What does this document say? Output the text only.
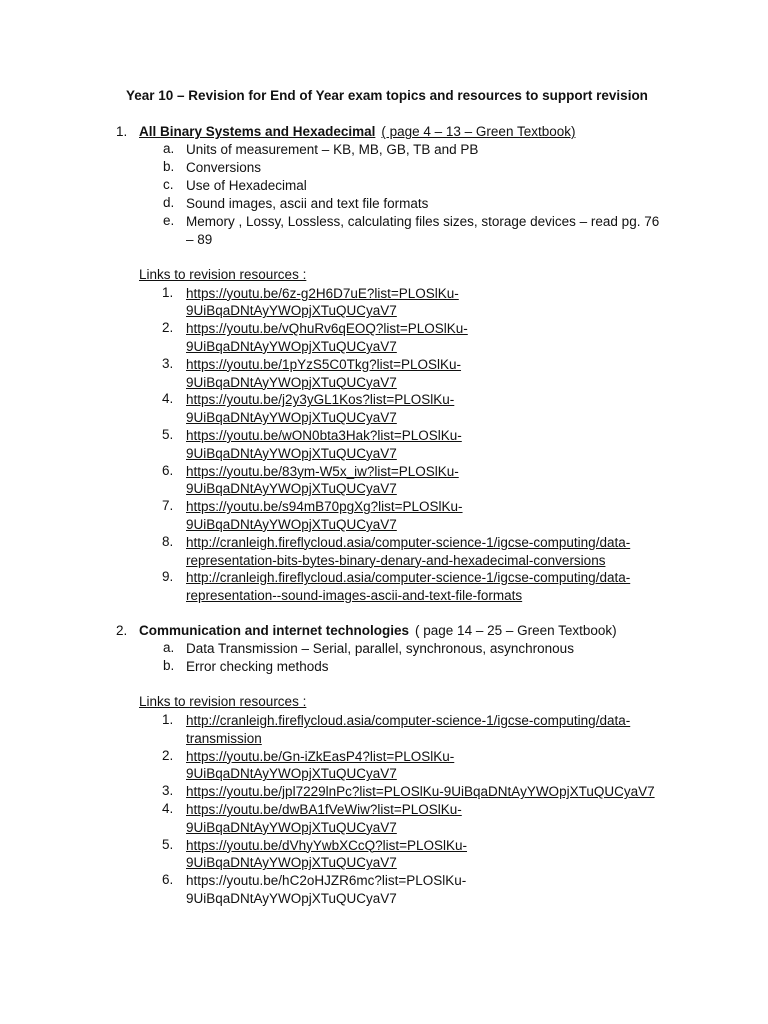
Year 10 – Revision for End of Year exam topics and resources to support revision
1. All Binary Systems and Hexadecimal ( page 4 – 13 – Green Textbook)
a. Units of measurement – KB, MB, GB, TB and PB
b. Conversions
c. Use of Hexadecimal
d. Sound images, ascii and text file formats
e. Memory , Lossy, Lossless, calculating files sizes, storage devices – read pg. 76 – 89
Links to revision resources :
1. https://youtu.be/6z-g2H6D7uE?list=PLOSlKu-
9UiBqaDNtAyYWOpjXTuQUCyaV7
2. https://youtu.be/vQhuRv6qEOQ?list=PLOSlKu-
9UiBqaDNtAyYWOpjXTuQUCyaV7
3. https://youtu.be/1pYzS5C0Tkg?list=PLOSlKu-
9UiBqaDNtAyYWOpjXTuQUCyaV7
4. https://youtu.be/j2y3yGL1Kos?list=PLOSlKu-
9UiBqaDNtAyYWOpjXTuQUCyaV7
5. https://youtu.be/wON0bta3Hak?list=PLOSlKu-
9UiBqaDNtAyYWOpjXTuQUCyaV7
6. https://youtu.be/83ym-W5x_iw?list=PLOSlKu-
9UiBqaDNtAyYWOpjXTuQUCyaV7
7. https://youtu.be/s94mB70pgXg?list=PLOSlKu-
9UiBqaDNtAyYWOpjXTuQUCyaV7
8. http://cranleigh.fireflycloud.asia/computer-science-1/igcse-computing/data-
representation-bits-bytes-binary-denary-and-hexadecimal-conversions
9. http://cranleigh.fireflycloud.asia/computer-science-1/igcse-computing/data-
representation--sound-images-ascii-and-text-file-formats
2. Communication and internet technologies ( page 14 – 25 – Green Textbook)
a. Data Transmission – Serial, parallel, synchronous, asynchronous
b. Error checking methods
Links to revision resources :
1. http://cranleigh.fireflycloud.asia/computer-science-1/igcse-computing/data-
transmission
2. https://youtu.be/Gn-iZkEasP4?list=PLOSlKu-
9UiBqaDNtAyYWOpjXTuQUCyaV7
3. https://youtu.be/jpl7229lnPc?list=PLOSlKu-9UiBqaDNtAyYWOpjXTuQUCyaV7
4. https://youtu.be/dwBA1fVeWiw?list=PLOSlKu-
9UiBqaDNtAyYWOpjXTuQUCyaV7
5. https://youtu.be/dVhyYwbXCcQ?list=PLOSlKu-
9UiBqaDNtAyYWOpjXTuQUCyaV7
6. https://youtu.be/hC2oHJZR6mc?list=PLOSlKu-
9UiBqaDNtAyYWOpjXTuQUCyaV7
